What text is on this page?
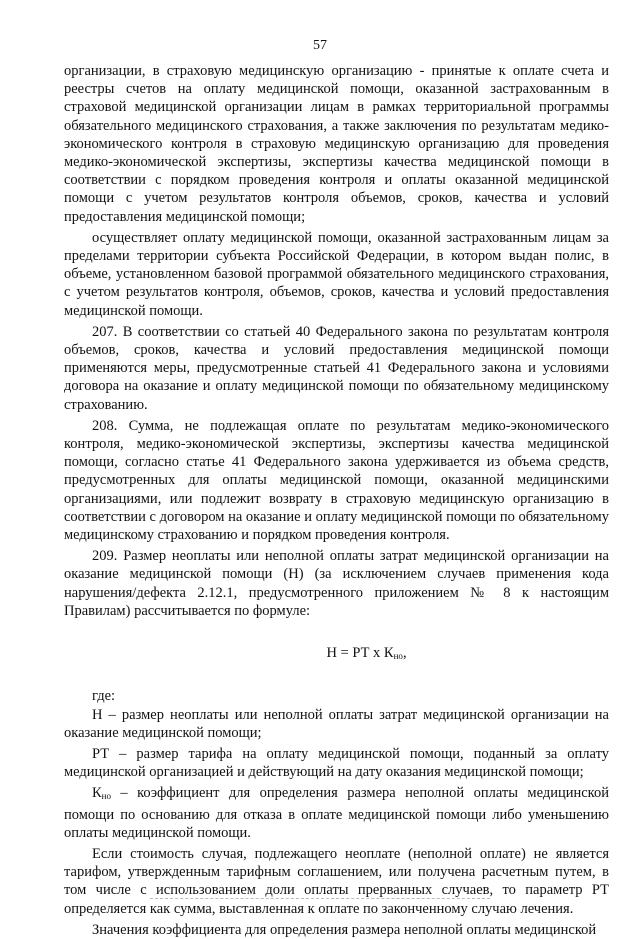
57

организации, в страховую медицинскую организацию - принятые к оплате счета и реестры счетов на оплату медицинской помощи, оказанной застрахованным в страховой медицинской организации лицам в рамках территориальной программы обязательного медицинского страхования, а также заключения по результатам медико-экономического контроля в страховую медицинскую организацию для проведения медико-экономической экспертизы, экспертизы качества медицинской помощи в соответствии с порядком проведения контроля и оплаты оказанной медицинской помощи с учетом результатов контроля объемов, сроков, качества и условий предоставления медицинской помощи;

осуществляет оплату медицинской помощи, оказанной застрахованным лицам за пределами территории субъекта Российской Федерации, в котором выдан полис, в объеме, установленном базовой программой обязательного медицинского страхования, с учетом результатов контроля, объемов, сроков, качества и условий предоставления медицинской помощи.

207. В соответствии со статьей 40 Федерального закона по результатам контроля объемов, сроков, качества и условий предоставления медицинской помощи применяются меры, предусмотренные статьей 41 Федерального закона и условиями договора на оказание и оплату медицинской помощи по обязательному медицинскому страхованию.

208. Сумма, не подлежащая оплате по результатам медико-экономического контроля, медико-экономической экспертизы, экспертизы качества медицинской помощи, согласно статье 41 Федерального закона удерживается из объема средств, предусмотренных для оплаты медицинской помощи, оказанной медицинскими организациями, или подлежит возврату в страховую медицинскую организацию в соответствии с договором на оказание и оплату медицинской помощи по обязательному медицинскому страхованию и порядком проведения контроля.

209. Размер неоплаты или неполной оплаты затрат медицинской организации на оказание медицинской помощи (Н) (за исключением случаев применения кода нарушения/дефекта 2.12.1, предусмотренного приложением № 8 к настоящим Правилам) рассчитывается по формуле:

Н = РТ х $К_{но}$,

где:

Н – размер неоплаты или неполной оплаты затрат медицинской организации на оказание медицинской помощи;

РТ – размер тарифа на оплату медицинской помощи, поданный за оплату медицинской организацией и действующий на дату оказания медицинской помощи;

$К_{но}$ – коэффициент для определения размера неполной оплаты медицинской помощи по основанию для отказа в оплате медицинской помощи либо уменьшению оплаты медицинской помощи.

Если стоимость случая, подлежащего неоплате (неполной оплате) не является тарифом, утвержденным тарифным соглашением, или получена расчетным путем, в том числе с использованием доли оплаты прерванных случаев, то параметр РТ определяется как сумма, выставленная к оплате по законченному случаю лечения.

Значения коэффициента для определения размера неполной оплаты медицинской
